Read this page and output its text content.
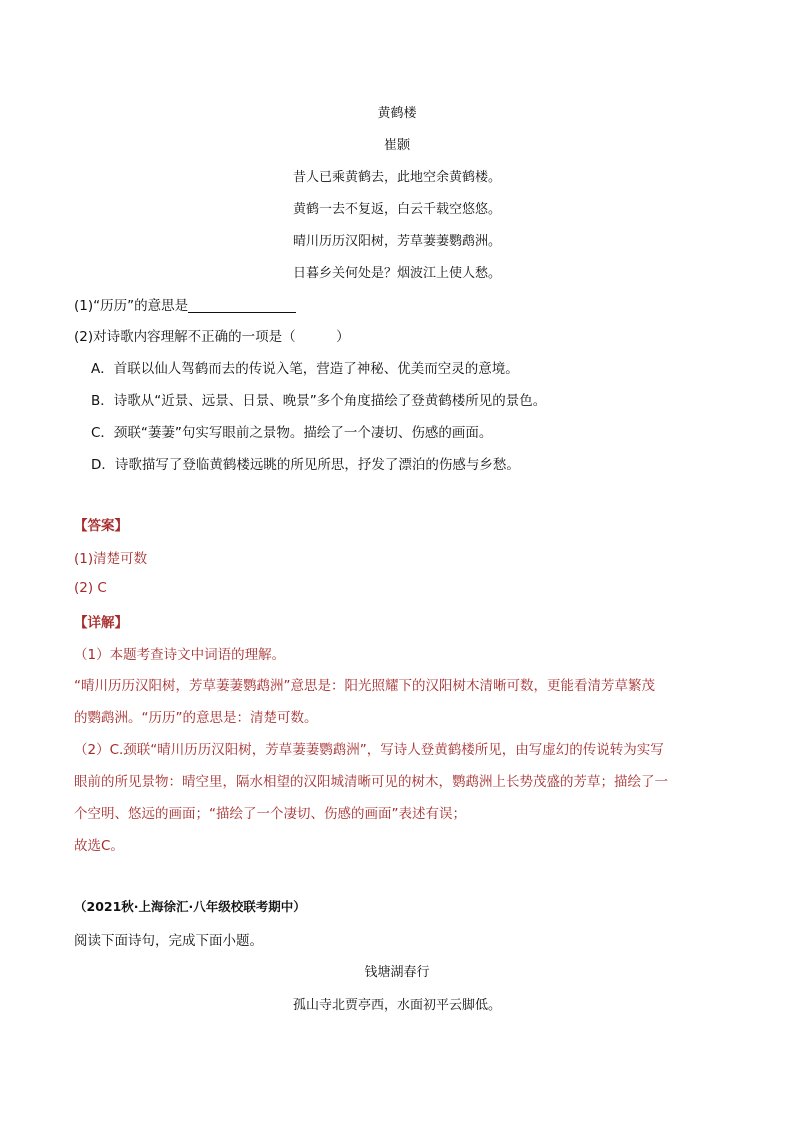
黄鹤楼
崔颢
昔人已乘黄鹤去，此地空余黄鹤楼。
黄鹤一去不复返，白云千载空悠悠。
晴川历历汉阳树，芳草萋萋鹦鹉洲。
日暮乡关何处是？烟波江上使人愁。
(1)“历历”的意思是
(2)对诗歌内容理解不正确的一项是（　　　）
A．首联以仙人驾鹤而去的传说入笔，营造了神秘、优美而空灵的意境。
B．诗歌从“近景、远景、日景、晚景”多个角度描绘了登黄鹤楼所见的景色。
C．颈联“萋萋”句实写眼前之景物。描绘了一个凄切、伤感的画面。
D．诗歌描写了登临黄鹤楼远眺的所见所思，抒发了漂泊的伤感与乡愁。
【答案】
(1)清楚可数
(2) C
【详解】
（1）本题考查诗文中词语的理解。
“晴川历历汉阳树，芳草萋萋鹦鹉洲”意思是：阳光照耀下的汉阳树木清晰可数，更能看清芳草繁茂
的鹦鹉洲。“历历”的意思是：清楚可数。
（2）C.颈联“晴川历历汉阳树，芳草萋萋鹦鹉洲”，写诗人登黄鹤楼所见，由写虚幻的传说转为实写
眼前的所见景物：晴空里，隔水相望的汉阳城清晰可见的树木，鹦鹉洲上长势茂盛的芳草；描绘了一
个空明、悠远的画面；“描绘了一个凄切、伤感的画面”表述有误；
故选C。
（2021秋·上海徐汇·八年级校联考期中）
阅读下面诗句，完成下面小题。
钱塘湖春行
孤山寺北贾亭西，水面初平云脚低。
